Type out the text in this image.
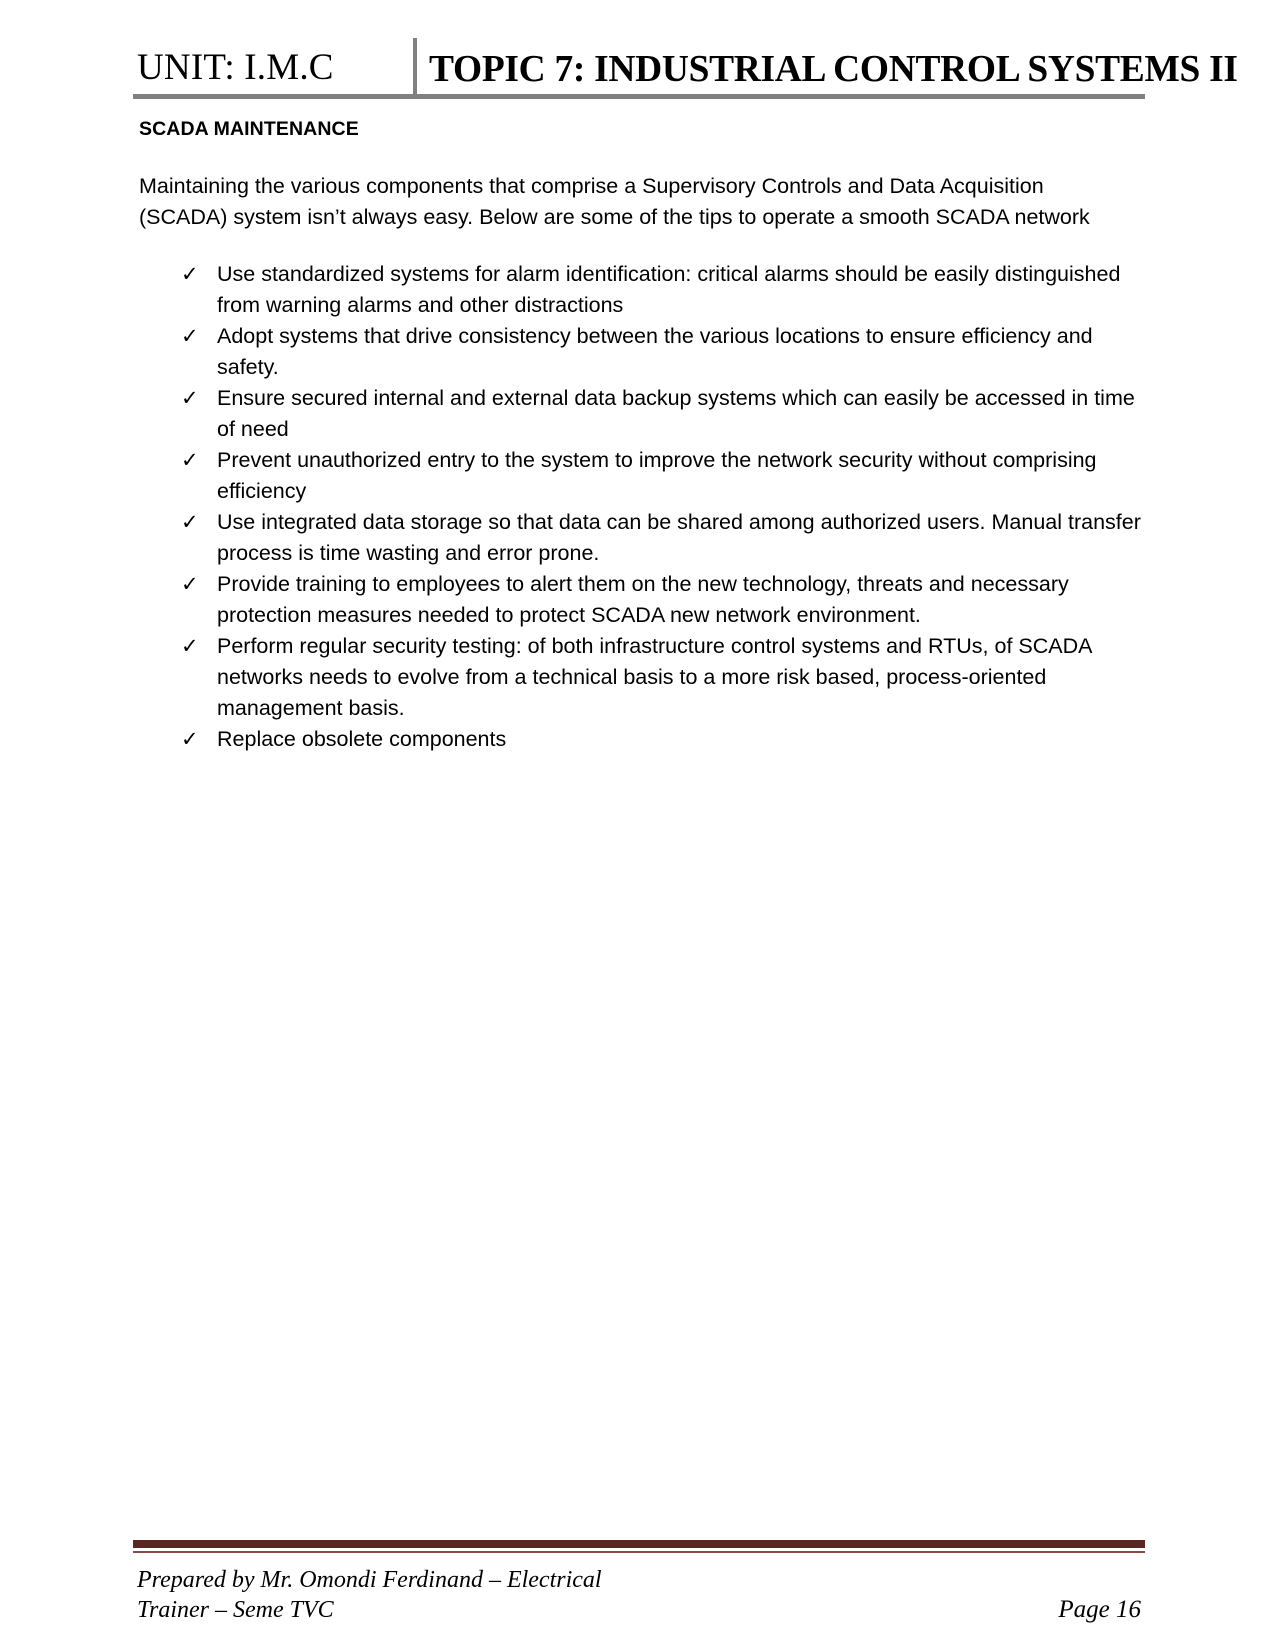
UNIT: I.M.C	TOPIC 7: INDUSTRIAL CONTROL SYSTEMS II
SCADA MAINTENANCE

Maintaining the various components that comprise a Supervisory Controls and Data Acquisition (SCADA) system isn’t always easy. Below are some of the tips to operate a smooth SCADA network

✓ Use standardized systems for alarm identification: critical alarms should be easily distinguished from warning alarms and other distractions
✓ Adopt systems that drive consistency between the various locations to ensure efficiency and safety.
✓ Ensure secured internal and external data backup systems which can easily be accessed in time of need
✓ Prevent unauthorized entry to the system to improve the network security without comprising efficiency
✓ Use integrated data storage so that data can be shared among authorized users. Manual transfer process is time wasting and error prone.
✓ Provide training to employees to alert them on the new technology, threats and necessary protection measures needed to protect SCADA new network environment.
✓ Perform regular security testing: of both infrastructure control systems and RTUs, of SCADA networks needs to evolve from a technical basis to a more risk based, process-oriented management basis.
✓ Replace obsolete components
Prepared by Mr. Omondi Ferdinand – Electrical
Trainer – Seme TVC	Page 16
